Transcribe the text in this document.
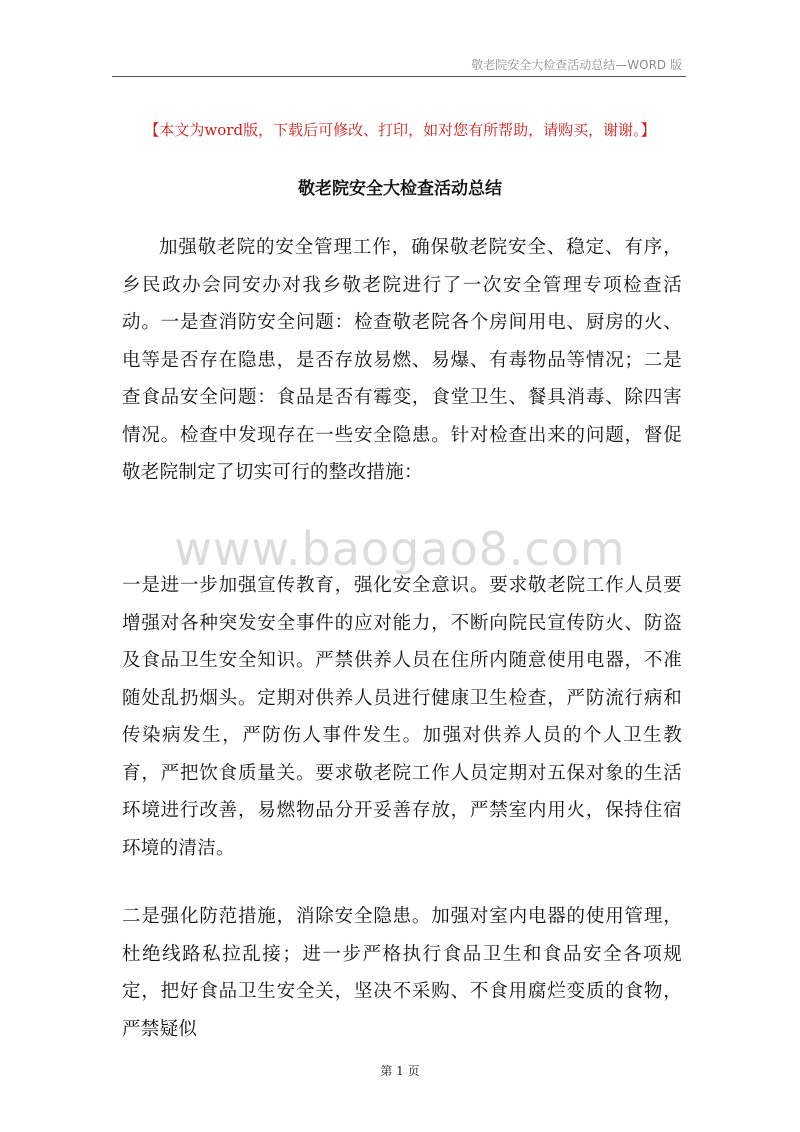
敬老院安全大检查活动总结—WORD 版
【本文为word版，下载后可修改、打印，如对您有所帮助，请购买，谢谢。】
敬老院安全大检查活动总结
加强敬老院的安全管理工作，确保敬老院安全、稳定、有序，乡民政办会同安办对我乡敬老院进行了一次安全管理专项检查活动。一是查消防安全问题：检查敬老院各个房间用电、厨房的火、电等是否存在隐患，是否存放易燃、易爆、有毒物品等情况；二是查食品安全问题：食品是否有霉变，食堂卫生、餐具消毒、除四害情况。检查中发现存在一些安全隐患。针对检查出来的问题，督促敬老院制定了切实可行的整改措施：
www.baogao8.com
一是进一步加强宣传教育，强化安全意识。要求敬老院工作人员要增强对各种突发安全事件的应对能力，不断向院民宣传防火、防盗及食品卫生安全知识。严禁供养人员在住所内随意使用电器，不准随处乱扔烟头。定期对供养人员进行健康卫生检查，严防流行病和传染病发生，严防伤人事件发生。加强对供养人员的个人卫生教育，严把饮食质量关。要求敬老院工作人员定期对五保对象的生活环境进行改善，易燃物品分开妥善存放，严禁室内用火，保持住宿环境的清洁。
二是强化防范措施，消除安全隐患。加强对室内电器的使用管理，杜绝线路私拉乱接；进一步严格执行食品卫生和食品安全各项规定，把好食品卫生安全关，坚决不采购、不食用腐烂变质的食物，严禁疑似
第 1 页
